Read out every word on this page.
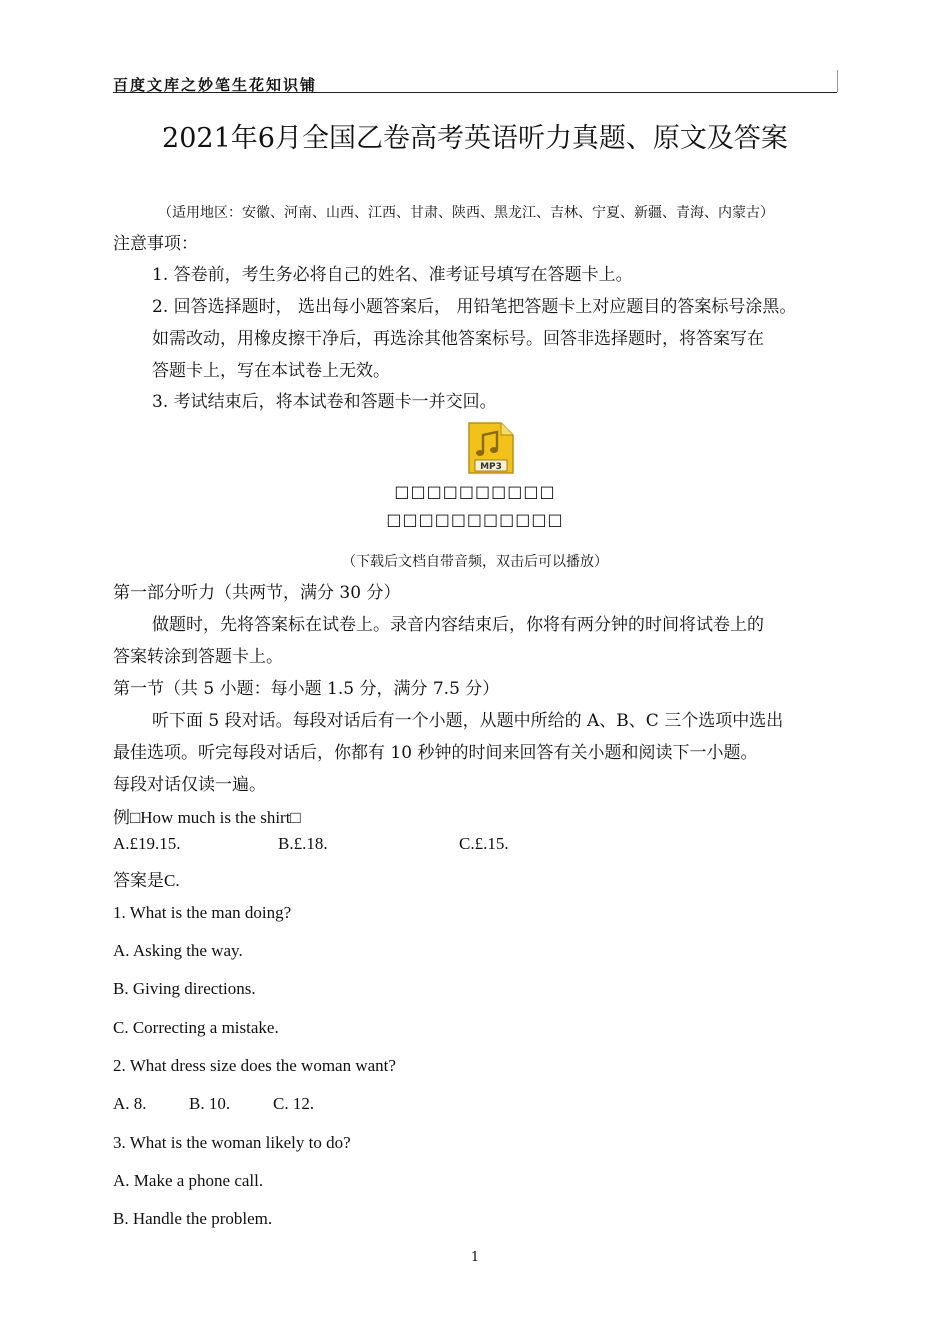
百度文库之妙笔生花知识铺
2021年6月全国乙卷高考英语听力真题、原文及答案
（适用地区：安徽、河南、山西、江西、甘肃、陕西、黑龙江、吉林、宁夏、新疆、青海、内蒙古）
注意事项：
1. 答卷前，考生务必将自己的姓名、准考证号填写在答题卡上。
2. 回答选择题时， 选出每小题答案后， 用铅笔把答题卡上对应题目的答案标号涂黑。
如需改动，用橡皮擦干净后，再选涂其他答案标号。回答非选择题时，将答案写在
答题卡上，写在本试卷上无效。
3. 考试结束后，将本试卷和答题卡一并交回。
MP3
□□□□□□□□□□
□□□□□□□□□□□
（下载后文档自带音频，双击后可以播放）
第一部分听力（共两节，满分 30 分）
做题时，先将答案标在试卷上。录音内容结束后，你将有两分钟的时间将试卷上的
答案转涂到答题卡上。
第一节（共 5 小题：每小题 1.5 分，满分 7.5 分）
听下面 5 段对话。每段对话后有一个小题，从题中所给的 A、B、C 三个选项中选出
最佳选项。听完每段对话后，你都有 10 秒钟的时间来回答有关小题和阅读下一小题。
每段对话仅读一遍。
例□How much is the shirt□
A.£19.15.	B.£.18.	C.£.15.
答案是C.
1. What is the man doing?
A. Asking the way.
B. Giving directions.
C. Correcting a mistake.
2. What dress size does the woman want?
A. 8. B. 10.	C. 12.
3. What is the woman likely to do?
A. Make a phone call.
B. Handle the problem.
1
